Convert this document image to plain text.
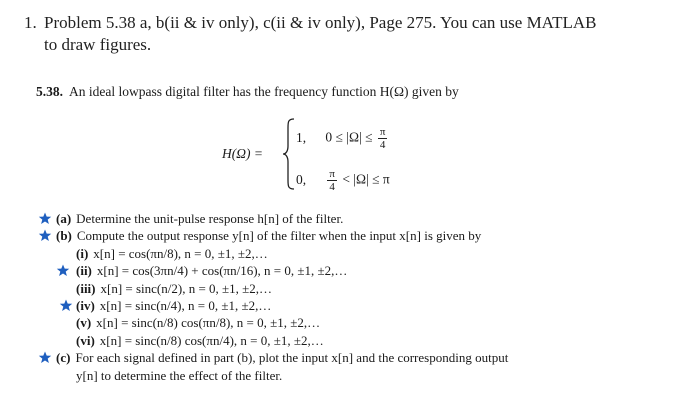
1. Problem 5.38 a, b(ii & iv only), c(ii & iv only), Page 275. You can use MATLAB
to draw figures.
5.38. An ideal lowpass digital filter has the frequency function H(Ω) given by
H(Ω) =
1, $0 \le |\Omega| \le \frac{\pi}{4}$
0, $\frac{\pi}{4} < |\Omega| \le \pi$
(a) Determine the unit-pulse response h[n] of the filter.
(b) Compute the output response y[n] of the filter when the input x[n] is given by
(i) x[n] = cos(πn/8), n = 0, ±1, ±2,…
(ii) x[n] = cos(3πn/4) + cos(πn/16), n = 0, ±1, ±2,…
(iii) x[n] = sinc(n/2), n = 0, ±1, ±2,…
(iv) x[n] = sinc(n/4), n = 0, ±1, ±2,…
(v) x[n] = sinc(n/8) cos(πn/8), n = 0, ±1, ±2,…
(vi) x[n] = sinc(n/8) cos(πn/4), n = 0, ±1, ±2,…
(c) For each signal defined in part (b), plot the input x[n] and the corresponding output
y[n] to determine the effect of the filter.
